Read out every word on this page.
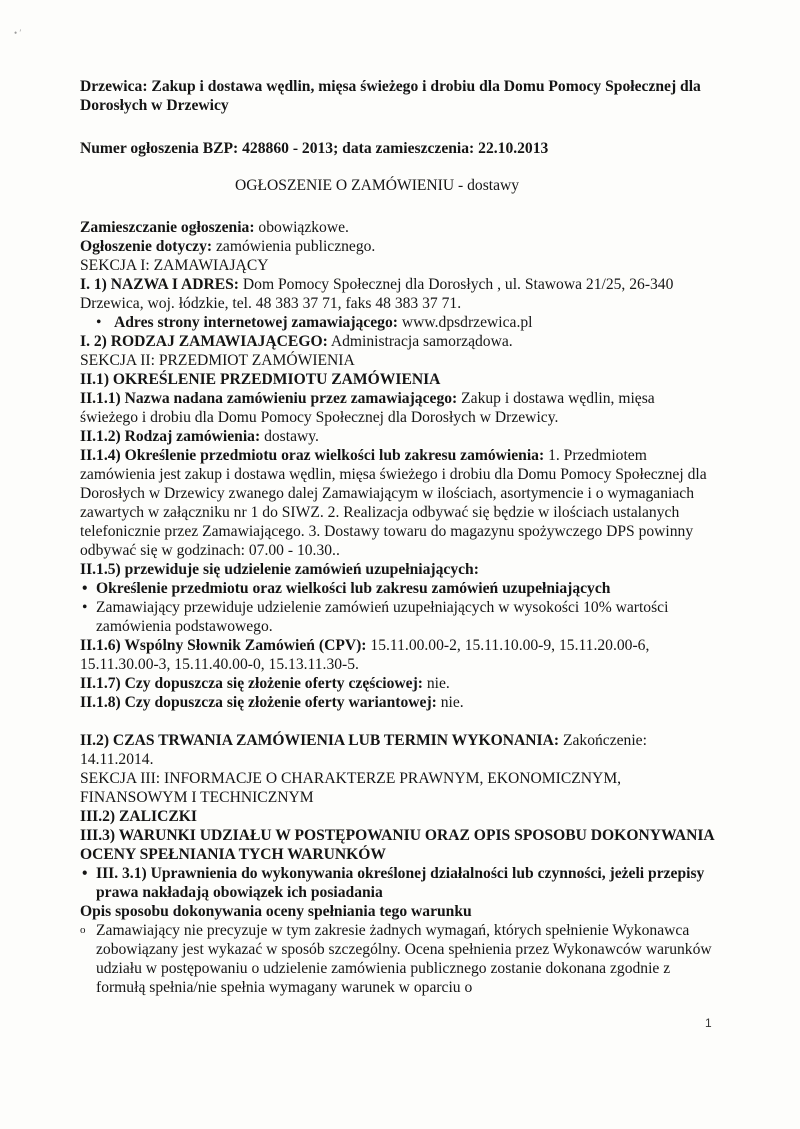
• ′

Drzewica: Zakup i dostawa wędlin, mięsa świeżego i drobiu dla Domu Pomocy Społecznej dla Dorosłych w Drzewicy

Numer ogłoszenia BZP: 428860 - 2013; data zamieszczenia: 22.10.2013

OGŁOSZENIE O ZAMÓWIENIU - dostawy

Zamieszczanie ogłoszenia: obowiązkowe.

Ogłoszenie dotyczy: zamówienia publicznego.

SEKCJA I: ZAMAWIAJĄCY

I. 1) NAZWA I ADRES: Dom Pomocy Społecznej dla Dorosłych , ul. Stawowa 21/25, 26-340 Drzewica, woj. łódzkie, tel. 48 383 37 71, faks 48 383 37 71.

• Adres strony internetowej zamawiającego: www.dpsdrzewica.pl

I. 2) RODZAJ ZAMAWIAJĄCEGO: Administracja samorządowa.

SEKCJA II: PRZEDMIOT ZAMÓWIENIA

II.1) OKREŚLENIE PRZEDMIOTU ZAMÓWIENIA

II.1.1) Nazwa nadana zamówieniu przez zamawiającego: Zakup i dostawa wędlin, mięsa świeżego i drobiu dla Domu Pomocy Społecznej dla Dorosłych w Drzewicy.

II.1.2) Rodzaj zamówienia: dostawy.

II.1.4) Określenie przedmiotu oraz wielkości lub zakresu zamówienia: 1. Przedmiotem zamówienia jest zakup i dostawa wędlin, mięsa świeżego i drobiu dla Domu Pomocy Społecznej dla Dorosłych w Drzewicy zwanego dalej Zamawiającym w ilościach, asortymencie i o wymaganiach zawartych w załączniku nr 1 do SIWZ. 2. Realizacja odbywać się będzie w ilościach ustalanych telefonicznie przez Zamawiającego. 3. Dostawy towaru do magazynu spożywczego DPS powinny odbywać się w godzinach: 07.00 - 10.30..

II.1.5) przewiduje się udzielenie zamówień uzupełniających:

• Określenie przedmiotu oraz wielkości lub zakresu zamówień uzupełniających

• Zamawiający przewiduje udzielenie zamówień uzupełniających w wysokości 10% wartości zamówienia podstawowego.

II.1.6) Wspólny Słownik Zamówień (CPV): 15.11.00.00-2, 15.11.10.00-9, 15.11.20.00-6, 15.11.30.00-3, 15.11.40.00-0, 15.13.11.30-5.

II.1.7) Czy dopuszcza się złożenie oferty częściowej: nie.

II.1.8) Czy dopuszcza się złożenie oferty wariantowej: nie.

II.2) CZAS TRWANIA ZAMÓWIENIA LUB TERMIN WYKONANIA: Zakończenie: 14.11.2014.

SEKCJA III: INFORMACJE O CHARAKTERZE PRAWNYM, EKONOMICZNYM, FINANSOWYM I TECHNICZNYM

III.2) ZALICZKI

III.3) WARUNKI UDZIAŁU W POSTĘPOWANIU ORAZ OPIS SPOSOBU DOKONYWANIA OCENY SPEŁNIANIA TYCH WARUNKÓW

• III. 3.1) Uprawnienia do wykonywania określonej działalności lub czynności, jeżeli przepisy prawa nakładają obowiązek ich posiadania

Opis sposobu dokonywania oceny spełniania tego warunku

o Zamawiający nie precyzuje w tym zakresie żadnych wymagań, których spełnienie Wykonawca zobowiązany jest wykazać w sposób szczególny. Ocena spełnienia przez Wykonawców warunków udziału w postępowaniu o udzielenie zamówienia publicznego zostanie dokonana zgodnie z formułą spełnia/nie spełnia wymagany warunek w oparciu o

1
